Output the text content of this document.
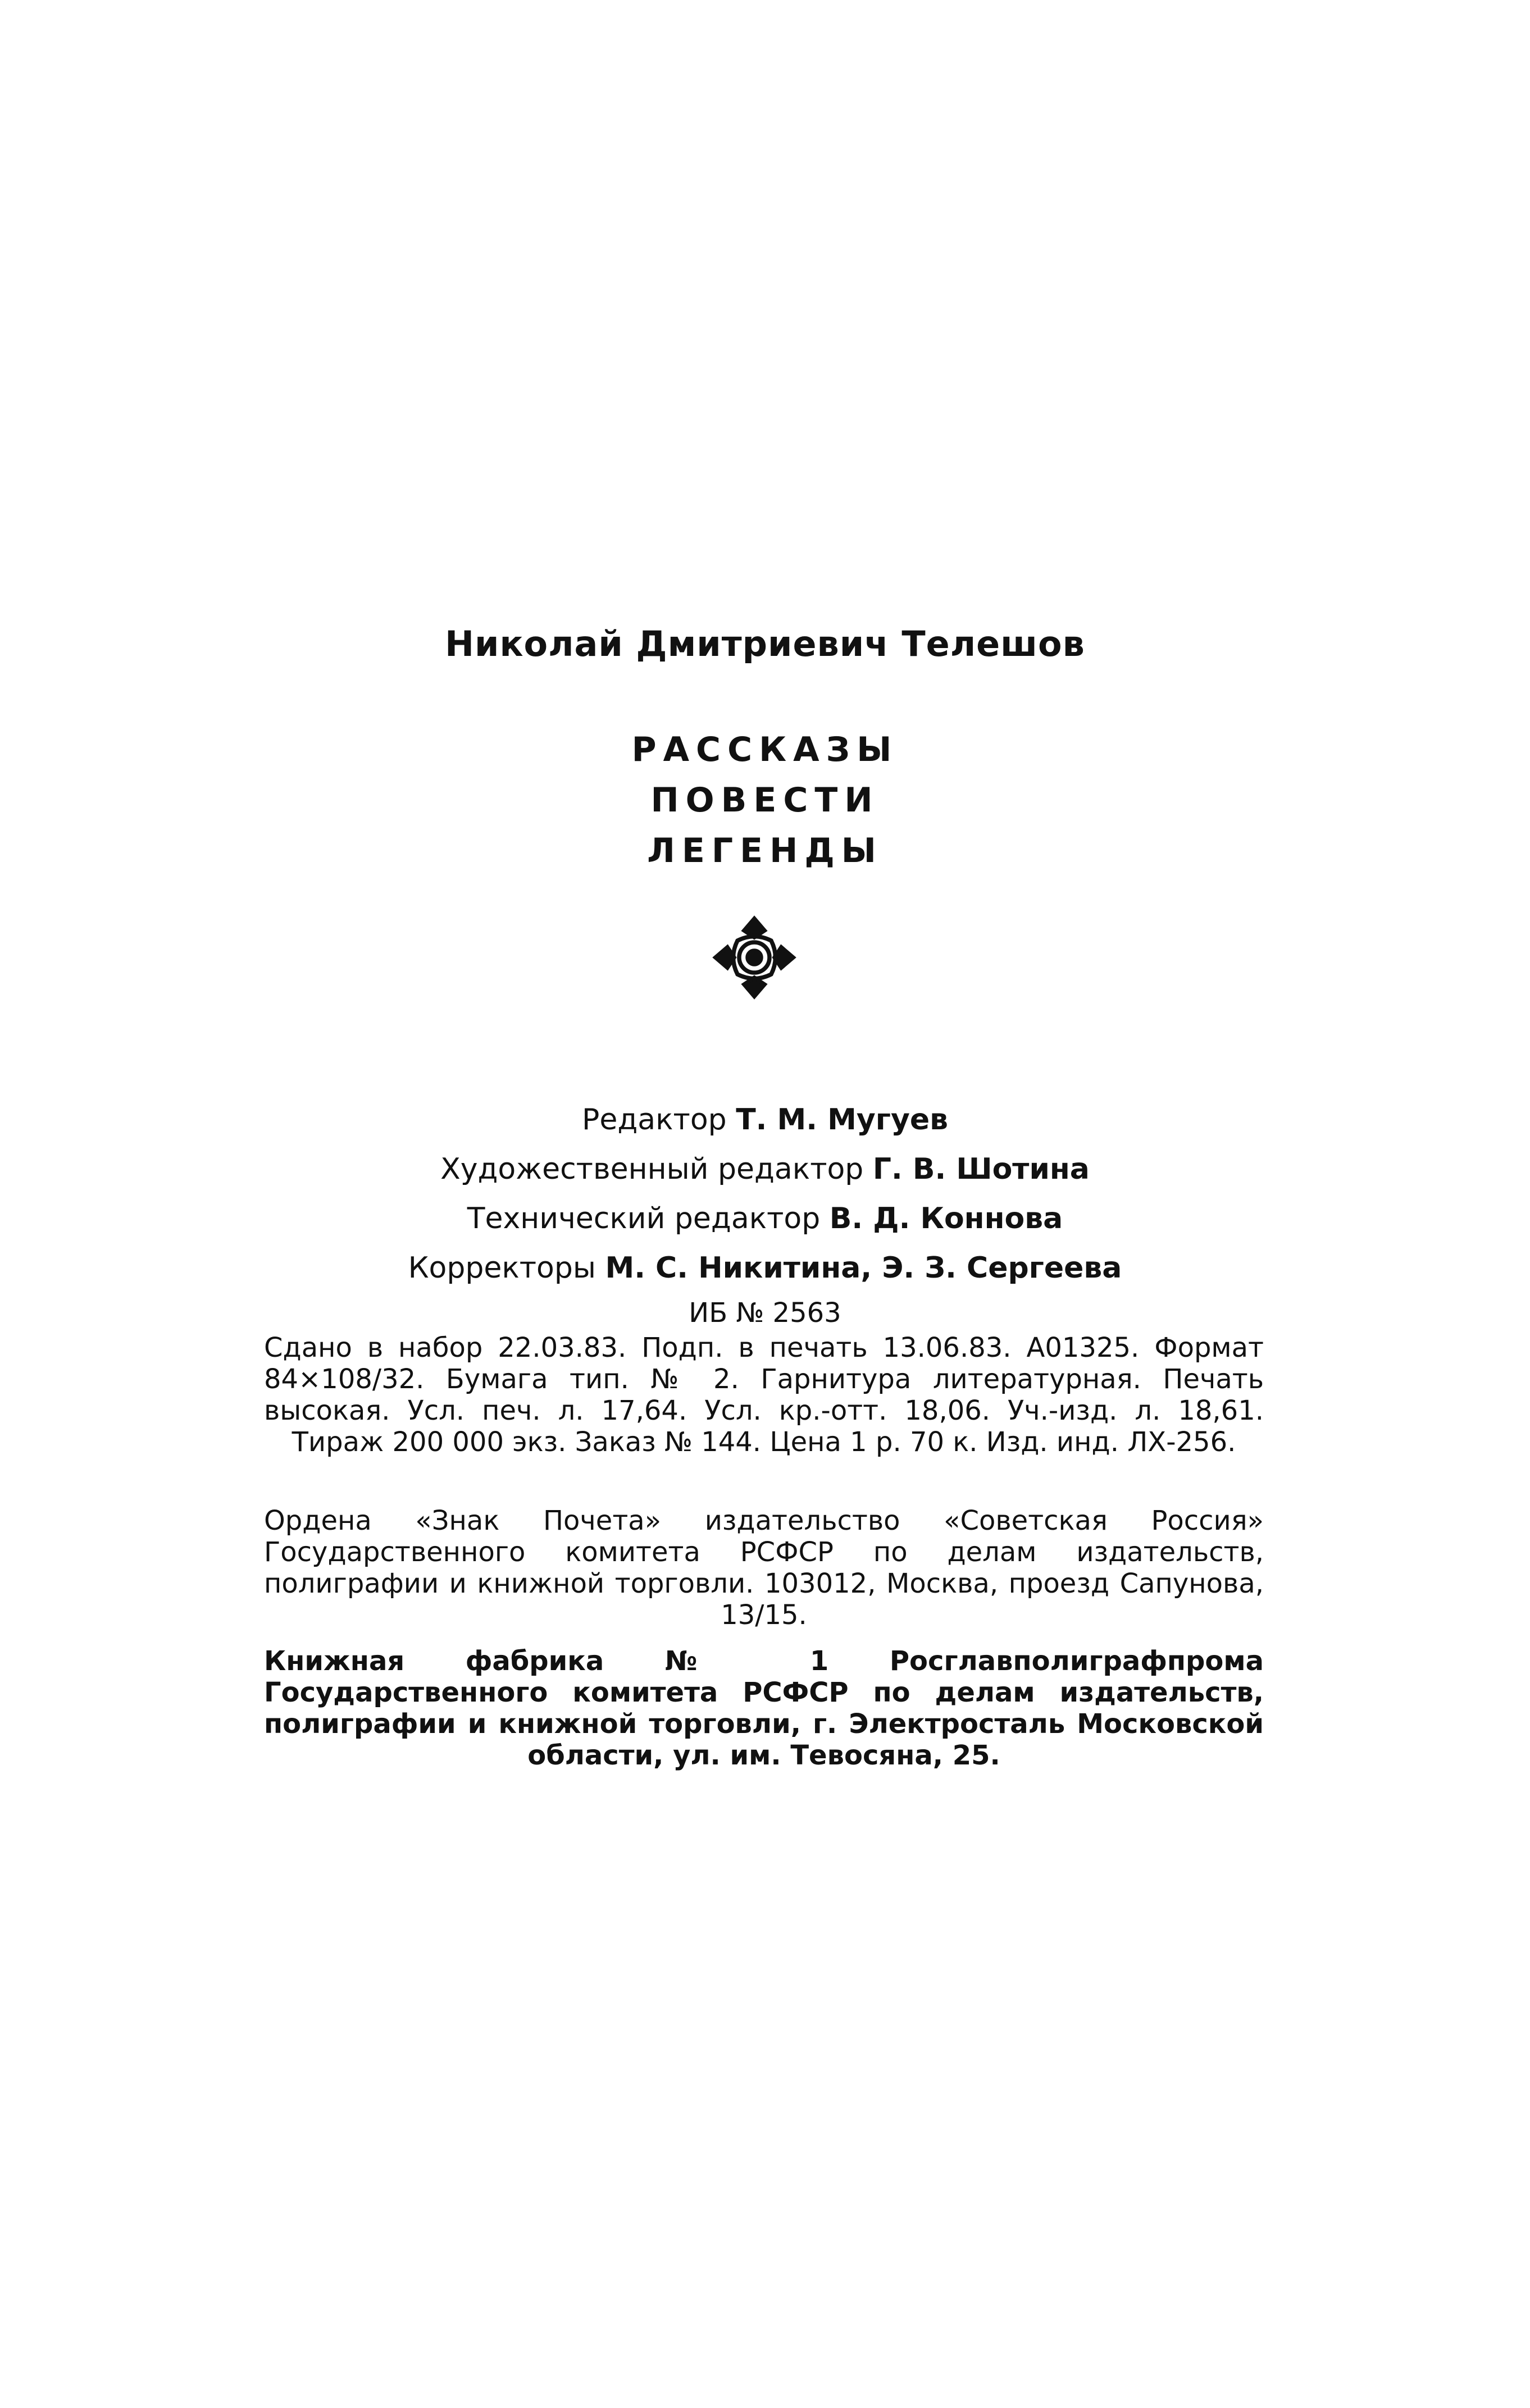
Николай Дмитриевич Телешов
РАССКАЗЫ
ПОВЕСТИ
ЛЕГЕНДЫ
Редактор Т. М. Мугуев
Художественный редактор Г. В. Шотина
Технический редактор В. Д. Коннова
Корректоры М. С. Никитина, Э. З. Сергеева
ИБ № 2563

Сдано в набор 22.03.83. Подп. в печать 13.06.83. А01325. Формат 84×108/32. Бумага тип. № 2. Гарнитура литературная. Печать высокая. Усл. печ. л. 17,64. Усл. кр.-отт. 18,06. Уч.-изд. л. 18,61. Тираж 200 000 экз. Заказ № 144. Цена 1 р. 70 к. Изд. инд. ЛХ-256.

Ордена «Знак Почета» издательство «Советская Россия» Государственного комитета РСФСР по делам издательств, полиграфии и книжной торговли. 103012, Москва, проезд Сапунова, 13/15.

Книжная фабрика № 1 Росглавполиграфпрома Государственного комитета РСФСР по делам издательств, полиграфии и книжной торговли, г. Электросталь Московской области, ул. им. Тевосяна, 25.
